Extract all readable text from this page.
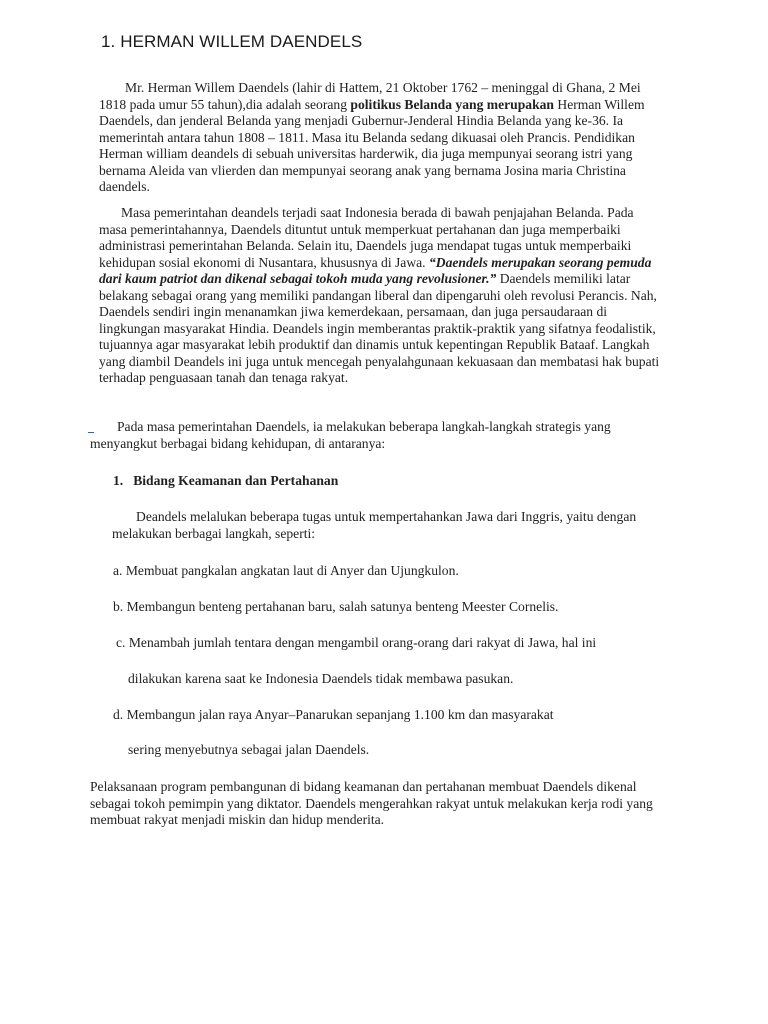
1. HERMAN WILLEM DAENDELS

Mr. Herman Willem Daendels (lahir di Hattem, 21 Oktober 1762 – meninggal di Ghana, 2 Mei
1818 pada umur 55 tahun),dia adalah seorang politikus Belanda yang merupakan Herman Willem
Daendels, dan jenderal Belanda yang menjadi Gubernur-Jenderal Hindia Belanda yang ke-36. Ia
memerintah antara tahun 1808 – 1811. Masa itu Belanda sedang dikuasai oleh Prancis. Pendidikan
Herman william deandels di sebuah universitas harderwik, dia juga mempunyai seorang istri yang
bernama Aleida van vlierden dan mempunyai seorang anak yang bernama Josina maria Christina
daendels.

Masa pemerintahan deandels terjadi saat Indonesia berada di bawah penjajahan Belanda. Pada
masa pemerintahannya, Daendels dituntut untuk memperkuat pertahanan dan juga memperbaiki
administrasi pemerintahan Belanda. Selain itu, Daendels juga mendapat tugas untuk memperbaiki
kehidupan sosial ekonomi di Nusantara, khususnya di Jawa. “Daendels merupakan seorang pemuda
dari kaum patriot dan dikenal sebagai tokoh muda yang revolusioner.” Daendels memiliki latar
belakang sebagai orang yang memiliki pandangan liberal dan dipengaruhi oleh revolusi Perancis. Nah,
Daendels sendiri ingin menanamkan jiwa kemerdekaan, persamaan, dan juga persaudaraan di
lingkungan masyarakat Hindia. Deandels ingin memberantas praktik-praktik yang sifatnya feodalistik,
tujuannya agar masyarakat lebih produktif dan dinamis untuk kepentingan Republik Bataaf. Langkah
yang diambil Deandels ini juga untuk mencegah penyalahgunaan kekuasaan dan membatasi hak bupati
terhadap penguasaan tanah dan tenaga rakyat.

_	Pada masa pemerintahan Daendels, ia melakukan beberapa langkah-langkah strategis yang
menyangkut berbagai bidang kehidupan, di antaranya:

1. Bidang Keamanan dan Pertahanan

Deandels melalukan beberapa tugas untuk mempertahankan Jawa dari Inggris, yaitu dengan
melakukan berbagai langkah, seperti:

a. Membuat pangkalan angkatan laut di Anyer dan Ujungkulon.
b. Membangun benteng pertahanan baru, salah satunya benteng Meester Cornelis.
c. Menambah jumlah tentara dengan mengambil orang-orang dari rakyat di Jawa, hal ini
dilakukan karena saat ke Indonesia Daendels tidak membawa pasukan.
d. Membangun jalan raya Anyar–Panarukan sepanjang 1.100 km dan masyarakat
sering menyebutnya sebagai jalan Daendels.

Pelaksanaan program pembangunan di bidang keamanan dan pertahanan membuat Daendels dikenal
sebagai tokoh pemimpin yang diktator. Daendels mengerahkan rakyat untuk melakukan kerja rodi yang
membuat rakyat menjadi miskin dan hidup menderita.
